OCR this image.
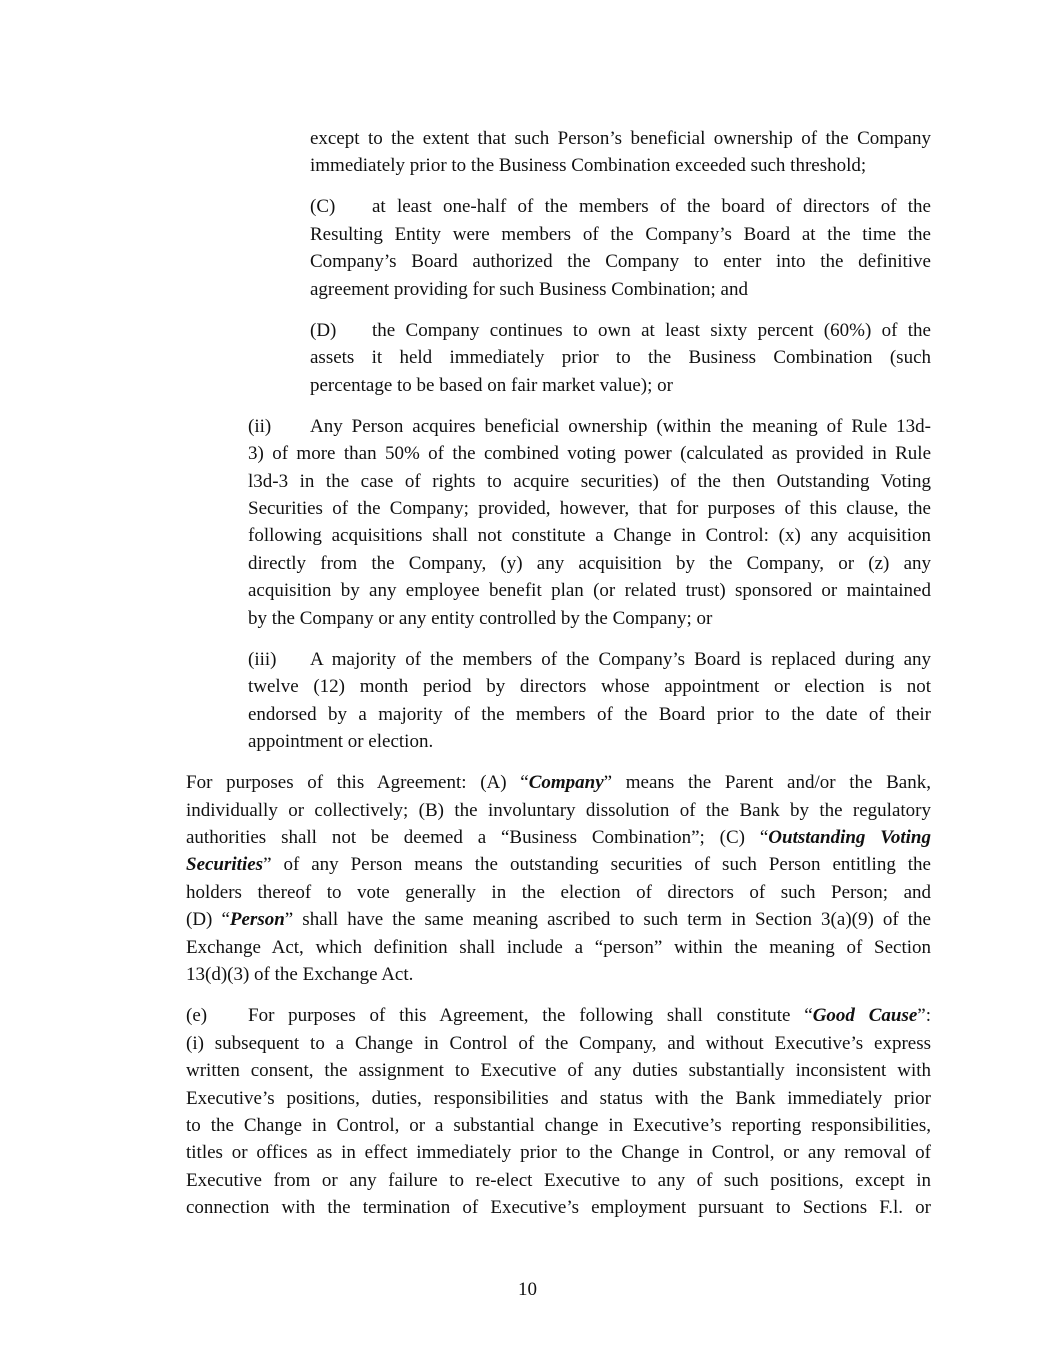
except to the extent that such Person’s beneficial ownership of the Company
immediately prior to the Business Combination exceeded such threshold;
(C)	at least one-half of the members of the board of directors of the
Resulting Entity were members of the Company’s Board at the time the
Company’s Board authorized the Company to enter into the definitive
agreement providing for such Business Combination; and
(D)	the Company continues to own at least sixty percent (60%) of the
assets it held immediately prior to the Business Combination (such
percentage to be based on fair market value); or
(ii)	Any Person acquires beneficial ownership (within the meaning of Rule 13d-
3) of more than 50% of the combined voting power (calculated as provided in Rule
l3d-3 in the case of rights to acquire securities) of the then Outstanding Voting
Securities of the Company; provided, however, that for purposes of this clause, the
following acquisitions shall not constitute a Change in Control: (x) any acquisition
directly from the Company, (y) any acquisition by the Company, or (z) any
acquisition by any employee benefit plan (or related trust) sponsored or maintained
by the Company or any entity controlled by the Company; or
(iii)	A majority of the members of the Company’s Board is replaced during any
twelve (12) month period by directors whose appointment or election is not
endorsed by a majority of the members of the Board prior to the date of their
appointment or election.
For purposes of this Agreement: (A) “Company” means the Parent and/or the Bank,
individually or collectively; (B) the involuntary dissolution of the Bank by the regulatory
authorities shall not be deemed a “Business Combination”; (C) “Outstanding Voting
Securities” of any Person means the outstanding securities of such Person entitling the
holders thereof to vote generally in the election of directors of such Person; and
(D) “Person” shall have the same meaning ascribed to such term in Section 3(a)(9) of the
Exchange Act, which definition shall include a “person” within the meaning of Section
13(d)(3) of the Exchange Act.
(e)	For purposes of this Agreement, the following shall constitute “Good Cause”:
(i) subsequent to a Change in Control of the Company, and without Executive’s express
written consent, the assignment to Executive of any duties substantially inconsistent with
Executive’s positions, duties, responsibilities and status with the Bank immediately prior
to the Change in Control, or a substantial change in Executive’s reporting responsibilities,
titles or offices as in effect immediately prior to the Change in Control, or any removal of
Executive from or any failure to re-elect Executive to any of such positions, except in
connection with the termination of Executive’s employment pursuant to Sections F.l. or
10
